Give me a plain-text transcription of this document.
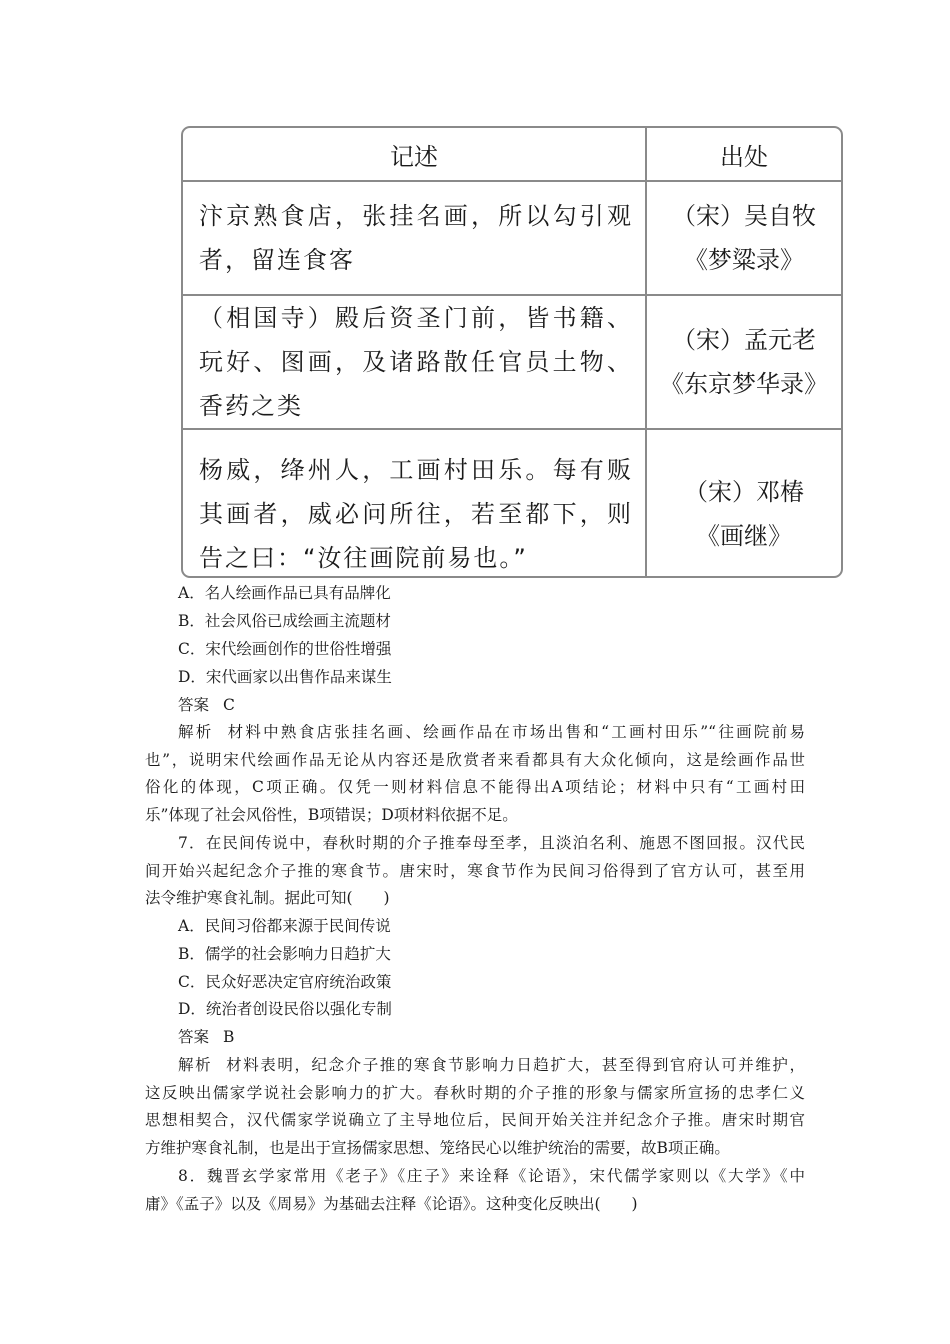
记述	出处
汴京熟食店，张挂名画，所以勾引观者，留连食客	（宋）吴自牧
《梦粱录》

（相国寺）殿后资圣门前，皆书籍、玩好、图画，及诸路散任官员土物、香药之类	（宋）孟元老
《东京梦华录》

杨威，绛州人，工画村田乐。每有贩其画者，威必问所往，若至都下，则告之曰：“汝往画院前易也。”	（宋）邓椿
《画继》
A．名人绘画作品已具有品牌化
B．社会风俗已成绘画主流题材
C．宋代绘画创作的世俗性增强
D．宋代画家以出售作品来谋生
答案 C
解析 材料中熟食店张挂名画、绘画作品在市场出售和“工画村田乐”“往画院前易
也”，说明宋代绘画作品无论从内容还是欣赏者来看都具有大众化倾向，这是绘画作品世
俗化的体现，C项正确。仅凭一则材料信息不能得出A项结论；材料中只有“工画村田
乐”体现了社会风俗性，B项错误；D项材料依据不足。
7．在民间传说中，春秋时期的介子推奉母至孝，且淡泊名利、施恩不图回报。汉代民
间开始兴起纪念介子推的寒食节。唐宋时，寒食节作为民间习俗得到了官方认可，甚至用
法令维护寒食礼制。据此可知(　　)
A．民间习俗都来源于民间传说
B．儒学的社会影响力日趋扩大
C．民众好恶决定官府统治政策
D．统治者创设民俗以强化专制
答案 B
解析 材料表明，纪念介子推的寒食节影响力日趋扩大，甚至得到官府认可并维护，
这反映出儒家学说社会影响力的扩大。春秋时期的介子推的形象与儒家所宣扬的忠孝仁义
思想相契合，汉代儒家学说确立了主导地位后，民间开始关注并纪念介子推。唐宋时期官
方维护寒食礼制，也是出于宣扬儒家思想、笼络民心以维护统治的需要，故B项正确。
8．魏晋玄学家常用《老子》《庄子》来诠释《论语》，宋代儒学家则以《大学》《中
庸》《孟子》以及《周易》为基础去注释《论语》。这种变化反映出(　　)
